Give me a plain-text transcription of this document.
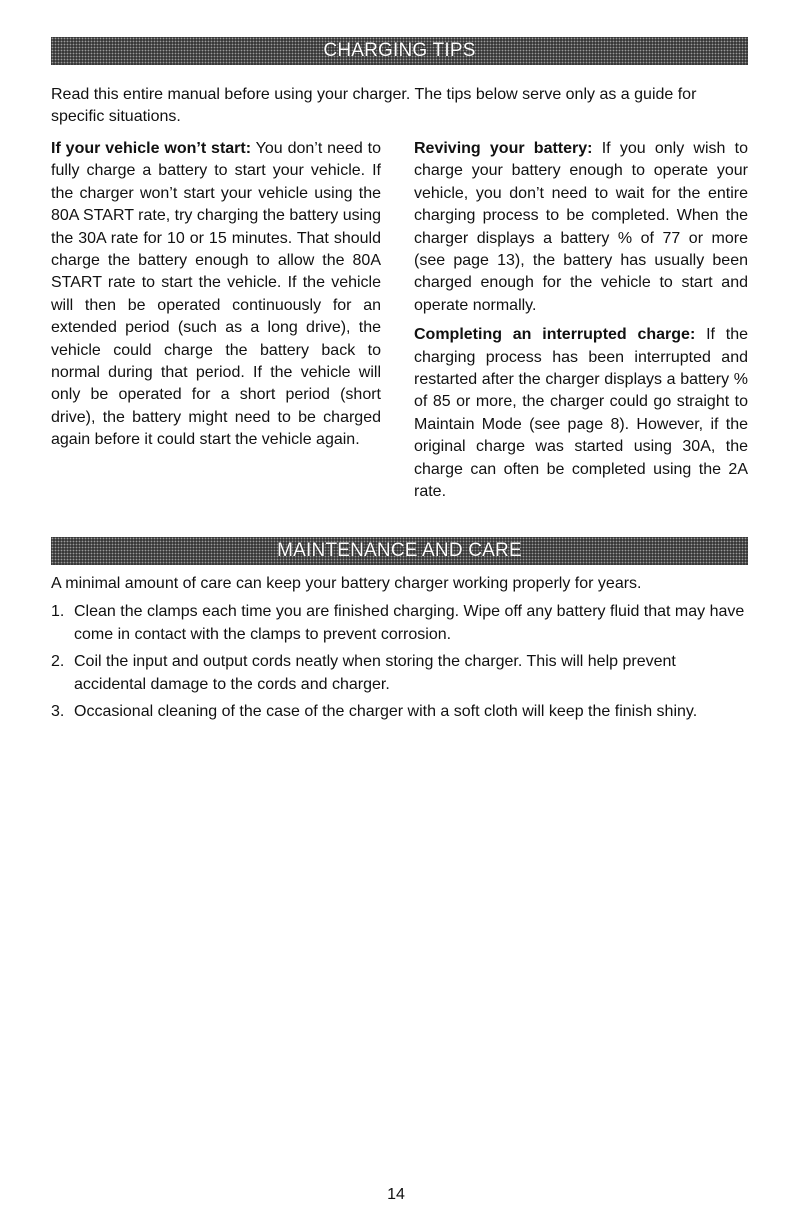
CHARGING TIPS

Read this entire manual before using your charger. The tips below serve only as a guide for specific situations.

If your vehicle won’t start: You don’t need to fully charge a battery to start your vehicle. If the charger won’t start your vehicle using the 80A START rate, try charging the battery using the 30A rate for 10 or 15 minutes. That should charge the battery enough to allow the 80A START rate to start the vehicle. If the vehicle will then be operated continuously for an extended period (such as a long drive), the vehicle could charge the battery back to normal during that period. If the vehicle will only be operated for a short period (short drive), the battery might need to be charged again before it could start the vehicle again.

Reviving your battery: If you only wish to charge your battery enough to operate your vehicle, you don’t need to wait for the entire charging process to be completed. When the charger displays a battery % of 77 or more (see page 13), the battery has usually been charged enough for the vehicle to start and operate normally.

Completing an interrupted charge: If the charging process has been interrupted and restarted after the charger displays a battery % of 85 or more, the charger could go straight to Maintain Mode (see page 8). However, if the original charge was started using 30A, the charge can often be completed using the 2A rate.

MAINTENANCE AND CARE

A minimal amount of care can keep your battery charger working properly for years.

1. Clean the clamps each time you are finished charging. Wipe off any battery fluid that may have come in contact with the clamps to prevent corrosion.
2. Coil the input and output cords neatly when storing the charger. This will help prevent accidental damage to the cords and charger.
3. Occasional cleaning of the case of the charger with a soft cloth will keep the finish shiny.
14
